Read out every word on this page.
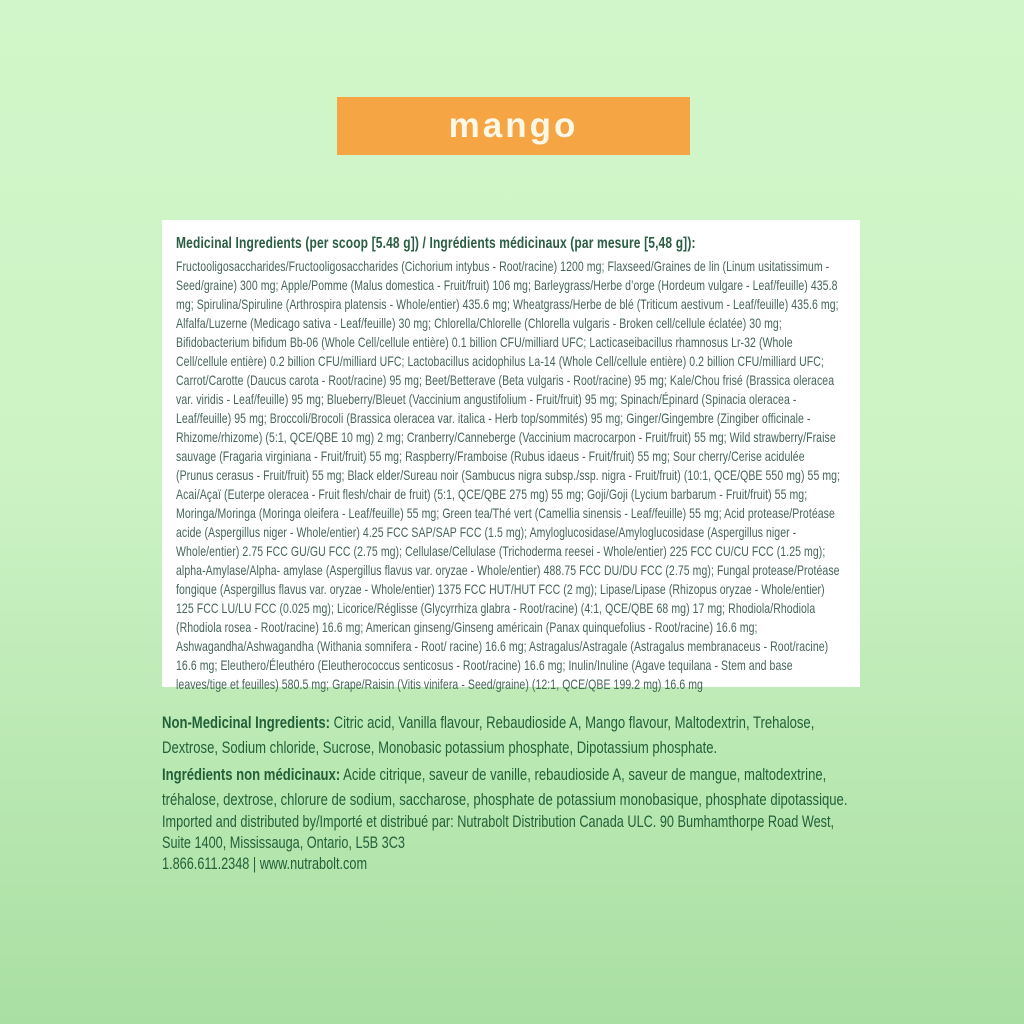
mango
Medicinal Ingredients (per scoop [5.48 g]) / Ingrédients médicinaux (par mesure [5,48 g]):
Fructooligosaccharides/Fructooligosaccharides (Cichorium intybus - Root/racine) 1200 mg; Flaxseed/Graines de lin (Linum usitatissimum - Seed/graine) 300 mg; Apple/Pomme (Malus domestica - Fruit/fruit) 106 mg; Barleygrass/Herbe d’orge (Hordeum vulgare - Leaf/feuille) 435.8 mg; Spirulina/Spiruline (Arthrospira platensis - Whole/entier) 435.6 mg; Wheatgrass/Herbe de blé (Triticum aestivum - Leaf/feuille) 435.6 mg; Alfalfa/Luzerne (Medicago sativa - Leaf/feuille) 30 mg; Chlorella/Chlorelle (Chlorella vulgaris - Broken cell/cellule éclatée) 30 mg; Bifidobacterium bifidum Bb-06 (Whole Cell/cellule entière) 0.1 billion CFU/milliard UFC; Lacticaseibacillus rhamnosus Lr-32 (Whole Cell/cellule entière) 0.2 billion CFU/milliard UFC; Lactobacillus acidophilus La-14 (Whole Cell/cellule entière) 0.2 billion CFU/milliard UFC; Carrot/Carotte (Daucus carota - Root/racine) 95 mg; Beet/Betterave (Beta vulgaris - Root/racine) 95 mg; Kale/Chou frisé (Brassica oleracea var. viridis - Leaf/feuille) 95 mg; Blueberry/Bleuet (Vaccinium angustifolium - Fruit/fruit) 95 mg; Spinach/Épinard (Spinacia oleracea - Leaf/feuille) 95 mg; Broccoli/Brocoli (Brassica oleracea var. italica - Herb top/sommités) 95 mg; Ginger/Gingembre (Zingiber officinale - Rhizome/rhizome) (5:1, QCE/QBE 10 mg) 2 mg; Cranberry/Canneberge (Vaccinium macrocarpon - Fruit/fruit) 55 mg; Wild strawberry/Fraise sauvage (Fragaria virginiana - Fruit/fruit) 55 mg; Raspberry/Framboise (Rubus idaeus - Fruit/fruit) 55 mg; Sour cherry/Cerise acidulée (Prunus cerasus - Fruit/fruit) 55 mg; Black elder/Sureau noir (Sambucus nigra subsp./ssp. nigra - Fruit/fruit) (10:1, QCE/QBE 550 mg) 55 mg; Acai/Açaï (Euterpe oleracea - Fruit flesh/chair de fruit) (5:1, QCE/QBE 275 mg) 55 mg; Goji/Goji (Lycium barbarum - Fruit/fruit) 55 mg; Moringa/Moringa (Moringa oleifera - Leaf/feuille) 55 mg; Green tea/Thé vert (Camellia sinensis - Leaf/feuille) 55 mg; Acid protease/Protéase acide (Aspergillus niger - Whole/entier) 4.25 FCC SAP/SAP FCC (1.5 mg); Amyloglucosidase/Amyloglucosidase (Aspergillus niger - Whole/entier) 2.75 FCC GU/GU FCC (2.75 mg); Cellulase/Cellulase (Trichoderma reesei - Whole/entier) 225 FCC CU/CU FCC (1.25 mg); alpha-Amylase/Alpha- amylase (Aspergillus flavus var. oryzae - Whole/entier) 488.75 FCC DU/DU FCC (2.75 mg); Fungal protease/Protéase fongique (Aspergillus flavus var. oryzae - Whole/entier) 1375 FCC HUT/HUT FCC (2 mg); Lipase/Lipase (Rhizopus oryzae - Whole/entier) 125 FCC LU/LU FCC (0.025 mg); Licorice/Réglisse (Glycyrrhiza glabra - Root/racine) (4:1, QCE/QBE 68 mg) 17 mg; Rhodiola/Rhodiola (Rhodiola rosea - Root/racine) 16.6 mg; American ginseng/Ginseng américain (Panax quinquefolius - Root/racine) 16.6 mg; Ashwagandha/Ashwagandha (Withania somnifera - Root/ racine) 16.6 mg; Astragalus/Astragale (Astragalus membranaceus - Root/racine) 16.6 mg; Eleuthero/Éleuthéro (Eleutherococcus senticosus - Root/racine) 16.6 mg; Inulin/Inuline (Agave tequilana - Stem and base leaves/tige et feuilles) 580.5 mg; Grape/Raisin (Vitis vinifera - Seed/graine) (12:1, QCE/QBE 199.2 mg) 16.6 mg
Non-Medicinal Ingredients: Citric acid, Vanilla flavour, Rebaudioside A, Mango flavour, Maltodextrin, Trehalose, Dextrose, Sodium chloride, Sucrose, Monobasic potassium phosphate, Dipotassium phosphate.
Ingrédients non médicinaux: Acide citrique, saveur de vanille, rebaudioside A, saveur de mangue, maltodextrine, tréhalose, dextrose, chlorure de sodium, saccharose, phosphate de potassium monobasique, phosphate dipotassique.
Imported and distributed by/Importé et distribué par: Nutrabolt Distribution Canada ULC. 90 Bumhamthorpe Road West, Suite 1400, Mississauga, Ontario, L5B 3C3
1.866.611.2348 | www.nutrabolt.com
